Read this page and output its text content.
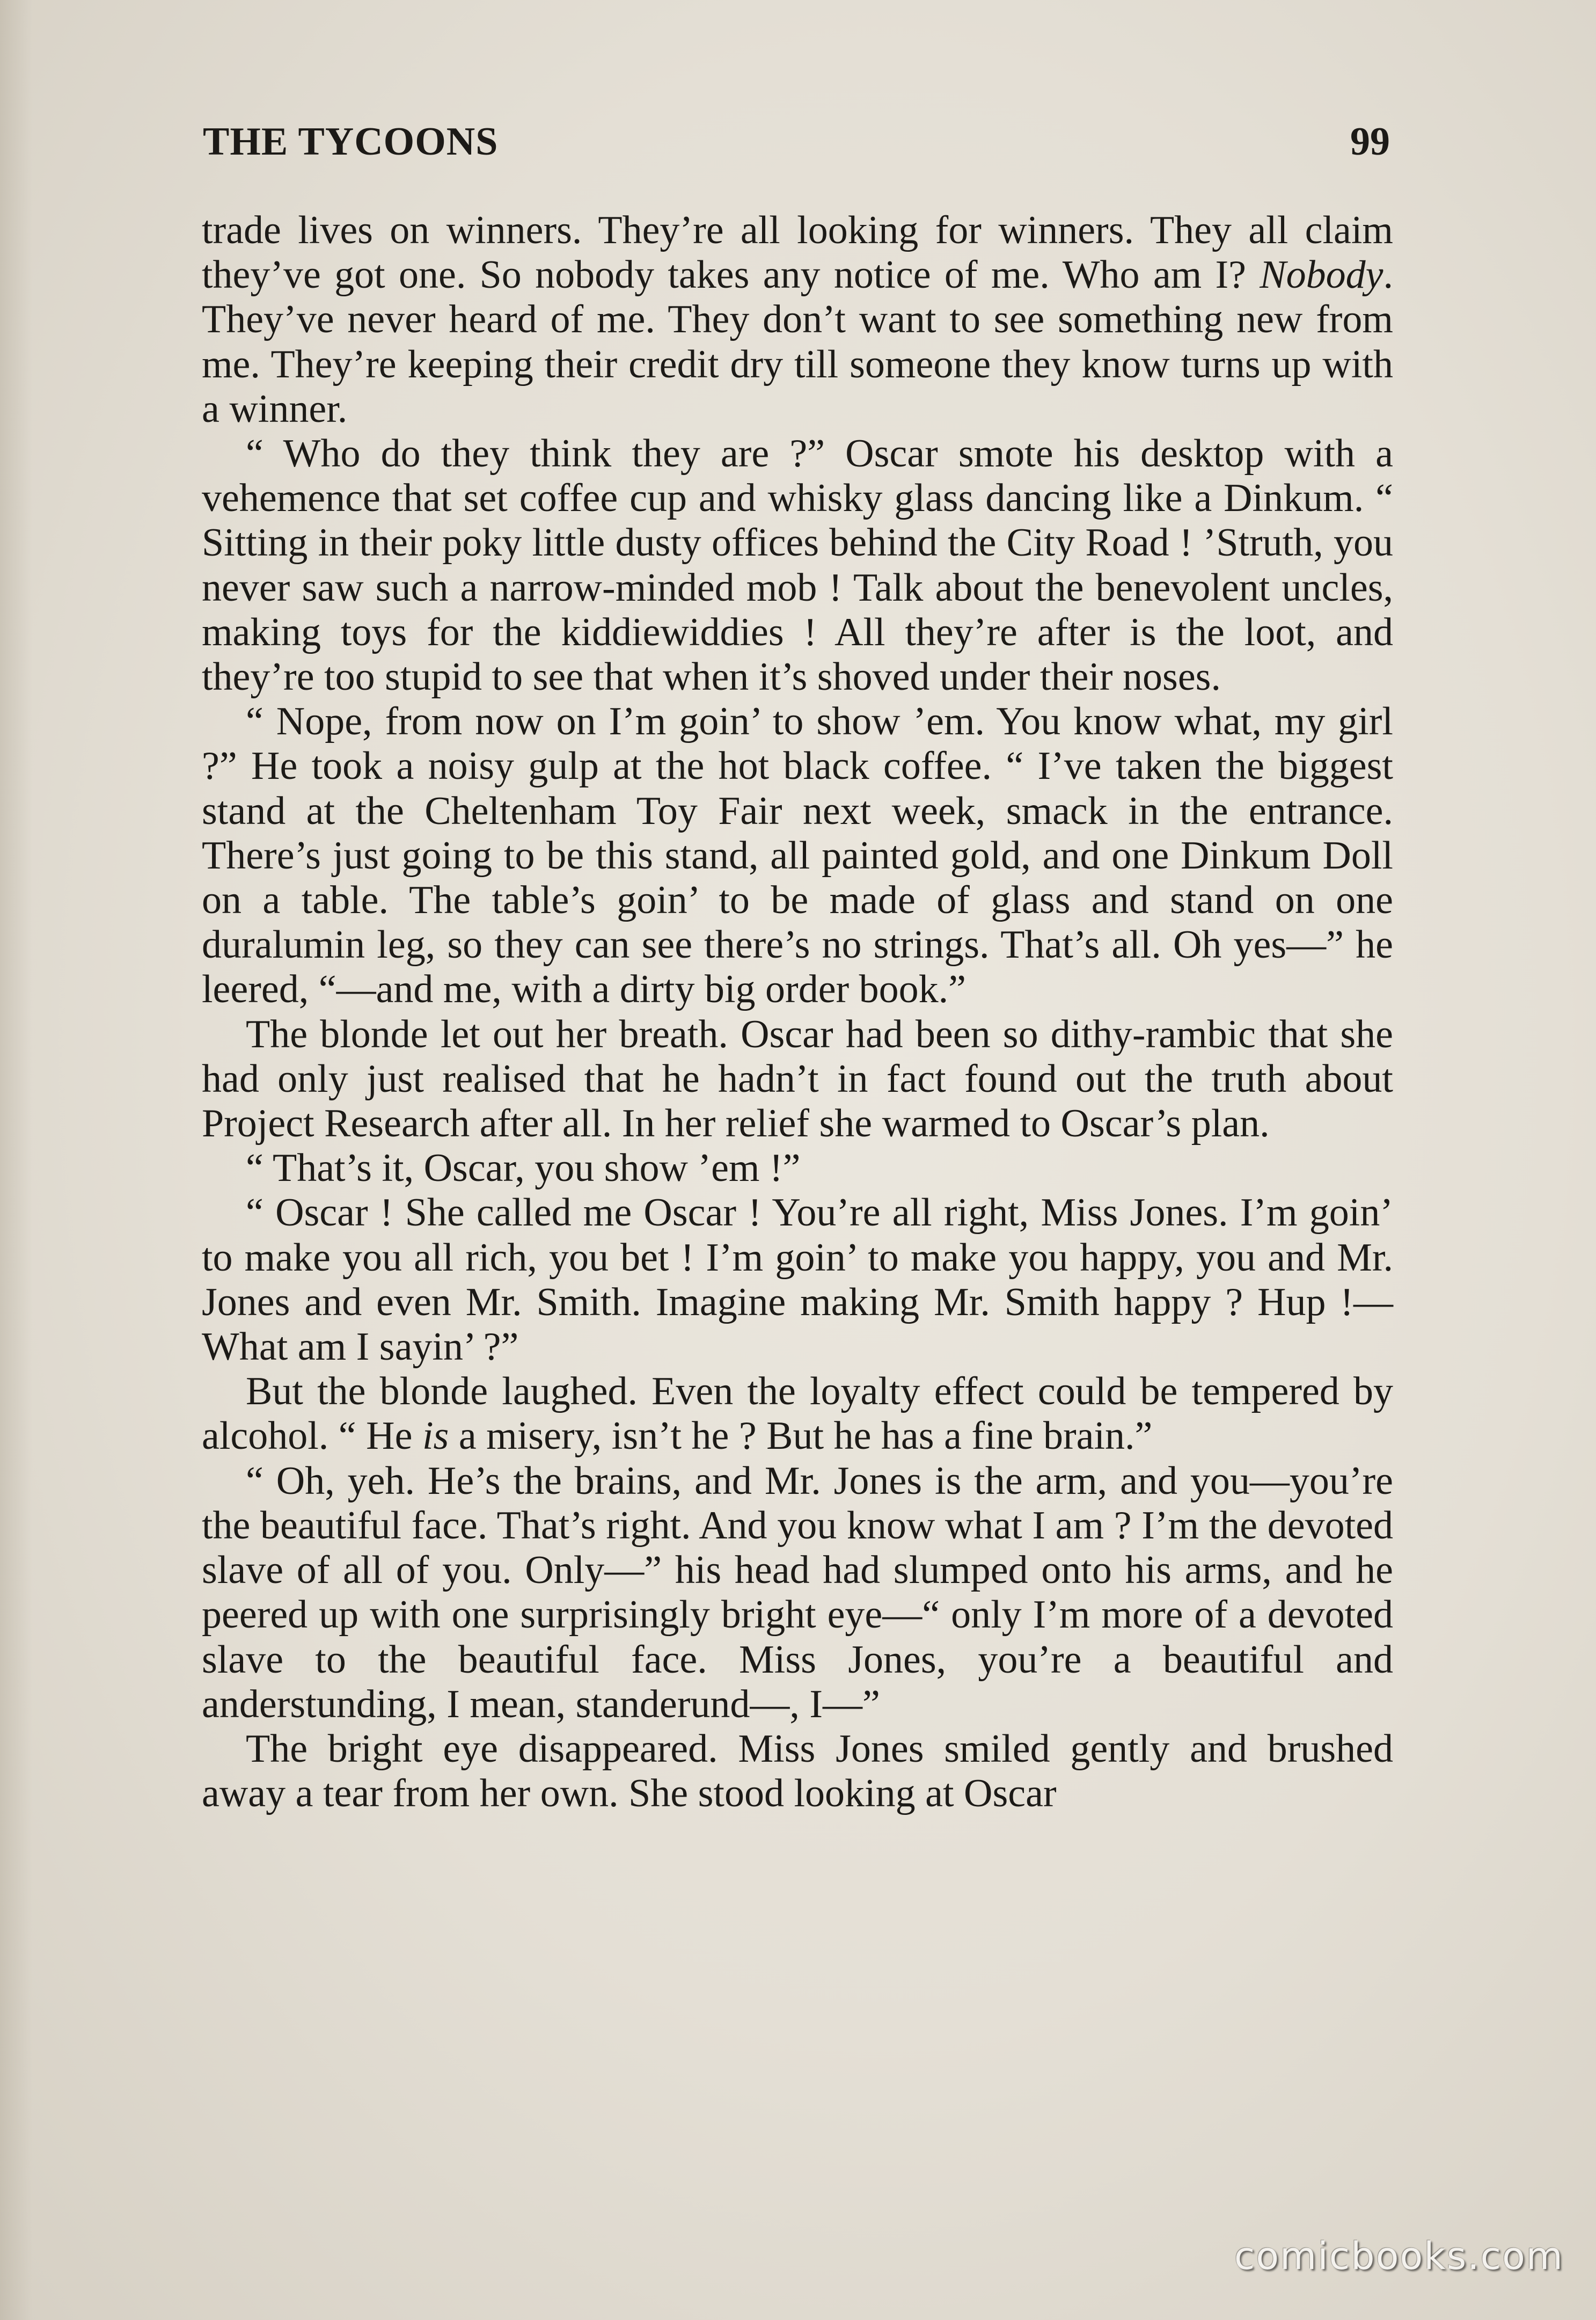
THE TYCOONS	99

trade lives on winners. They’re all looking for winners. They all claim they’ve got one. So nobody takes any notice of me. Who am I? Nobody. They’ve never heard of me. They don’t want to see something new from me. They’re keeping their credit dry till someone they know turns up with a winner.

“ Who do they think they are ?” Oscar smote his desktop with a vehemence that set coffee cup and whisky glass dancing like a Dinkum. “ Sitting in their poky little dusty offices behind the City Road ! ’Struth, you never saw such a narrow-minded mob ! Talk about the benevolent uncles, making toys for the kiddiewiddies ! All they’re after is the loot, and they’re too stupid to see that when it’s shoved under their noses.

“ Nope, from now on I’m goin’ to show ’em. You know what, my girl ?” He took a noisy gulp at the hot black coffee. “ I’ve taken the biggest stand at the Cheltenham Toy Fair next week, smack in the entrance. There’s just going to be this stand, all painted gold, and one Dinkum Doll on a table. The table’s goin’ to be made of glass and stand on one duralumin leg, so they can see there’s no strings. That’s all. Oh yes—” he leered, “—and me, with a dirty big order book.”

The blonde let out her breath. Oscar had been so dithy-rambic that she had only just realised that he hadn’t in fact found out the truth about Project Research after all. In her relief she warmed to Oscar’s plan.

“ That’s it, Oscar, you show ’em !”

“ Oscar ! She called me Oscar ! You’re all right, Miss Jones. I’m goin’ to make you all rich, you bet ! I’m goin’ to make you happy, you and Mr. Jones and even Mr. Smith. Imagine making Mr. Smith happy ? Hup !—What am I sayin’ ?”

But the blonde laughed. Even the loyalty effect could be tempered by alcohol. “ He is a misery, isn’t he ? But he has a fine brain.”

“ Oh, yeh. He’s the brains, and Mr. Jones is the arm, and you—you’re the beautiful face. That’s right. And you know what I am ? I’m the devoted slave of all of you. Only—” his head had slumped onto his arms, and he peered up with one surprisingly bright eye—“ only I’m more of a devoted slave to the beautiful face. Miss Jones, you’re a beautiful and anderstunding, I mean, standerund—, I—”

The bright eye disappeared. Miss Jones smiled gently and brushed away a tear from her own. She stood looking at Oscar

comicbooks.com
